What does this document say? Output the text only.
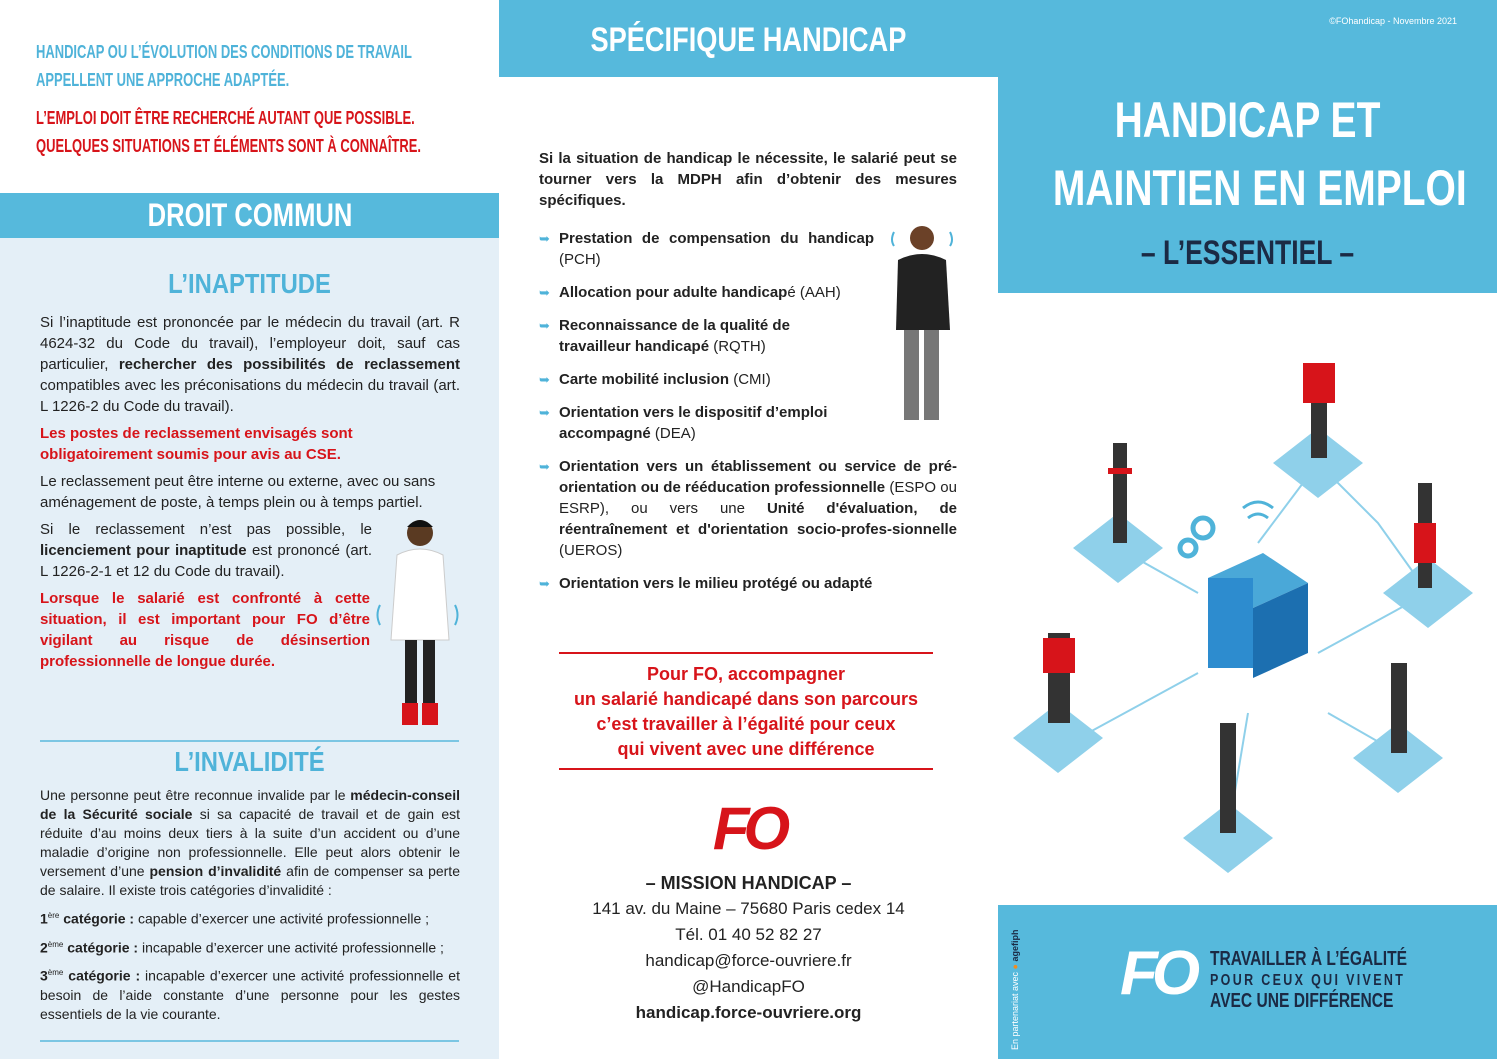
HANDICAP OU L’ÉVOLUTION DES CONDITIONS DE TRAVAIL

APPELLENT UNE APPROCHE ADAPTÉE.

L’EMPLOI DOIT ÊTRE RECHERCHÉ AUTANT QUE POSSIBLE.

QUELQUES SITUATIONS ET ÉLÉMENTS SONT À CONNAÎTRE.

DROIT COMMUN
L’INAPTITUDE

Si l’inaptitude est prononcée par le médecin du travail (art. R 4624-32 du Code du travail), l’employeur doit, sauf cas particulier, rechercher des possibilités de reclassement compatibles avec les préconisations du médecin du travail (art. L 1226-2 du Code du travail).

Les postes de reclassement envisagés sont obligatoirement soumis pour avis au CSE.

Le reclassement peut être interne ou externe, avec ou sans aménagement de poste, à temps plein ou à temps partiel.

Si le reclassement n’est pas possible, le licenciement pour inaptitude est prononcé (art. L 1226-2-1 et 12 du Code du travail).

Lorsque le salarié est confronté à cette situation, il est important pour FO d’être vigilant au risque de désinsertion professionnelle de longue durée.

L’INVALIDITÉ

Une personne peut être reconnue invalide par le médecin-conseil de la Sécurité sociale si sa capacité de travail et de gain est réduite d’au moins deux tiers à la suite d’un accident ou d’une maladie d’origine non professionnelle. Elle peut alors obtenir le versement d’une pension d’invalidité afin de compenser sa perte de salaire. Il existe trois catégories d’invalidité :

1ère catégorie : capable d’exercer une activité professionnelle ;

2ème catégorie : incapable d’exercer une activité professionnelle ;

3ème catégorie : incapable d’exercer une activité professionnelle et besoin de l’aide constante d’une personne pour les gestes essentiels de la vie courante.

SPÉCIFIQUE HANDICAP
Si la situation de handicap le nécessite, le salarié peut se tourner vers la MDPH afin d’obtenir des mesures spécifiques.
➥ Prestation de compensation du handicap (PCH)
➥ Allocation pour adulte handicapé (AAH)
➥ Reconnaissance de la qualité de travailleur handicapé (RQTH)
➥ Carte mobilité inclusion (CMI)
➥ Orientation vers le dispositif d’emploi accompagné (DEA)
➥ Orientation vers un établissement ou service de pré-orientation ou de rééducation professionnelle (ESPO ou ESRP), ou vers une Unité d'évaluation, de réentraînement et d'orientation socio-profes-sionnelle (UEROS)
➥ Orientation vers le milieu protégé ou adapté
Pour FO, accompagner
un salarié handicapé dans son parcours
c’est travailler à l’égalité pour ceux
qui vivent avec une différence
FO
– MISSION HANDICAP –
141 av. du Maine – 75680 Paris cedex 14
Tél. 01 40 52 82 27
handicap@force-ouvriere.fr
@HandicapFO
handicap.force-ouvriere.org
©FOhandicap - Novembre 2021
HANDICAP ET
MAINTIEN EN EMPLOI
– L’ESSENTIEL –
En partenariat avec ● agefiph FO TRAVAILLER À L’ÉGALITÉ
POUR CEUX QUI VIVENT
AVEC UNE DIFFÉRENCE
